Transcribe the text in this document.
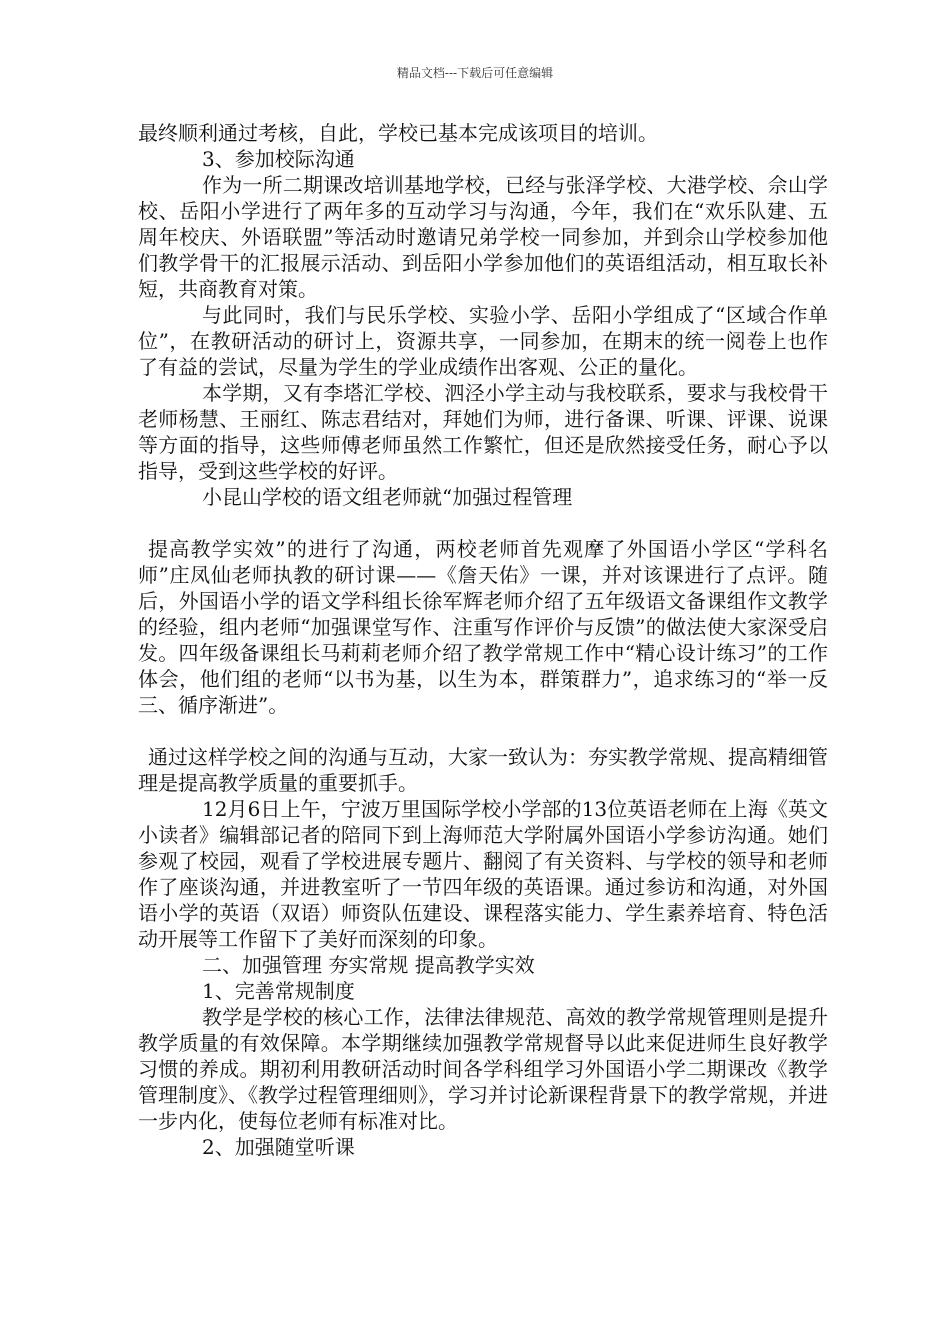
精品文档---下载后可任意编辑

最终顺利通过考核，自此，学校已基本完成该项目的培训。

3、参加校际沟通

作为一所二期课改培训基地学校，已经与张泽学校、大港学校、佘山学校、岳阳小学进行了两年多的互动学习与沟通，今年，我们在“欢乐队建、五周年校庆、外语联盟”等活动时邀请兄弟学校一同参加，并到佘山学校参加他们教学骨干的汇报展示活动、到岳阳小学参加他们的英语组活动，相互取长补短，共商教育对策。

与此同时，我们与民乐学校、实验小学、岳阳小学组成了“区域合作单位”，在教研活动的研讨上，资源共享，一同参加，在期末的统一阅卷上也作了有益的尝试，尽量为学生的学业成绩作出客观、公正的量化。

本学期，又有李塔汇学校、泗泾小学主动与我校联系，要求与我校骨干老师杨慧、王丽红、陈志君结对，拜她们为师，进行备课、听课、评课、说课等方面的指导，这些师傅老师虽然工作繁忙，但还是欣然接受任务，耐心予以指导，受到这些学校的好评。

小昆山学校的语文组老师就“加强过程管理

提高教学实效”的进行了沟通，两校老师首先观摩了外国语小学区“学科名师”庄凤仙老师执教的研讨课——《詹天佑》一课，并对该课进行了点评。随后，外国语小学的语文学科组长徐军辉老师介绍了五年级语文备课组作文教学的经验，组内老师“加强课堂写作、注重写作评价与反馈”的做法使大家深受启发。四年级备课组长马莉莉老师介绍了教学常规工作中“精心设计练习”的工作体会，他们组的老师“以书为基，以生为本，群策群力”，追求练习的“举一反三、循序渐进”。

通过这样学校之间的沟通与互动，大家一致认为：夯实教学常规、提高精细管理是提高教学质量的重要抓手。

12月6日上午，宁波万里国际学校小学部的13位英语老师在上海《英文小读者》编辑部记者的陪同下到上海师范大学附属外国语小学参访沟通。她们参观了校园，观看了学校进展专题片、翻阅了有关资料、与学校的领导和老师作了座谈沟通，并进教室听了一节四年级的英语课。通过参访和沟通，对外国语小学的英语（双语）师资队伍建设、课程落实能力、学生素养培育、特色活动开展等工作留下了美好而深刻的印象。

二、加强管理 夯实常规 提高教学实效

1、完善常规制度

教学是学校的核心工作，法律法律规范、高效的教学常规管理则是提升教学质量的有效保障。本学期继续加强教学常规督导以此来促进师生良好教学习惯的养成。期初利用教研活动时间各学科组学习外国语小学二期课改《教学管理制度》、《教学过程管理细则》，学习并讨论新课程背景下的教学常规，并进一步内化，使每位老师有标准对比。

2、加强随堂听课
